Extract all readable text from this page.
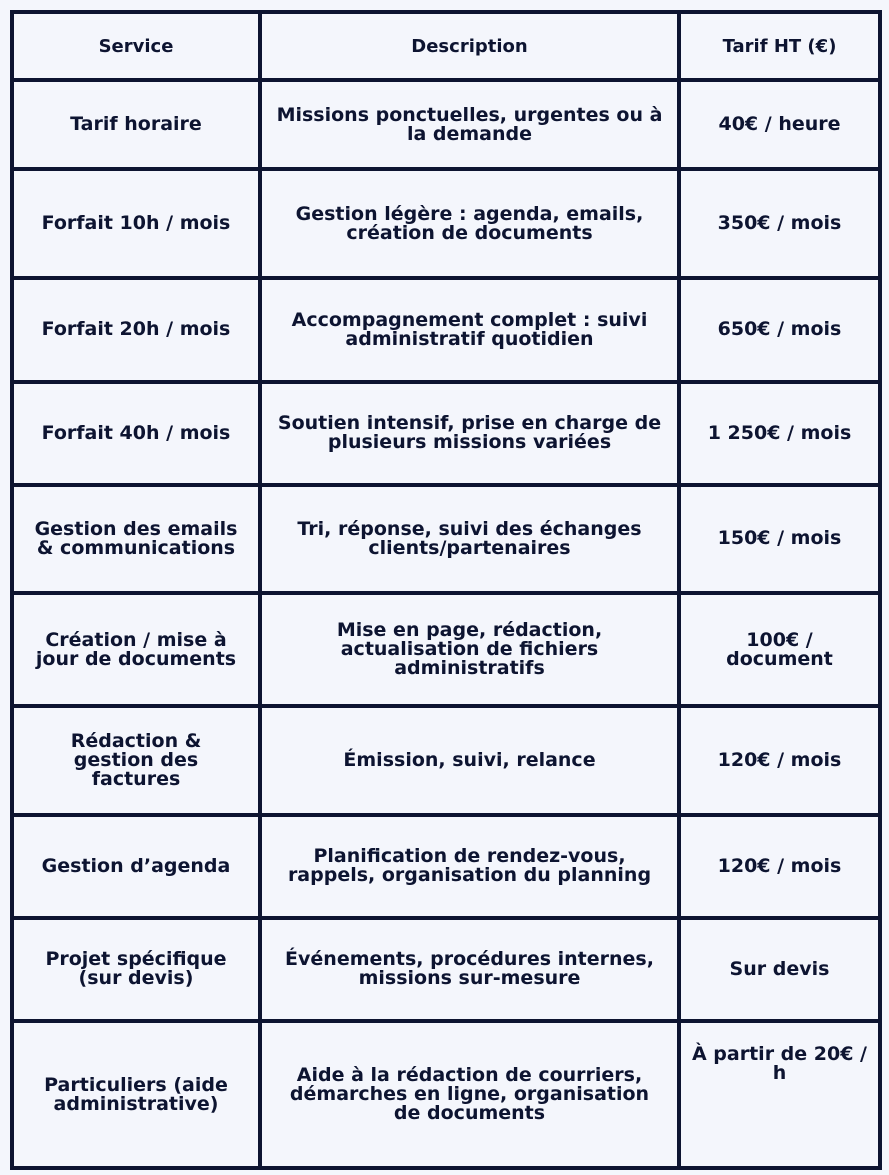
Service	Description	Tarif HT (€)
Tarif horaire	Missions ponctuelles, urgentes ou à la demande	40€ / heure
Forfait 10h / mois	Gestion légère : agenda, emails, création de documents	350€ / mois
Forfait 20h / mois	Accompagnement complet : suivi administratif quotidien	650€ / mois
Forfait 40h / mois	Soutien intensif, prise en charge de plusieurs missions variées	1 250€ / mois
Gestion des emails & communications	Tri, réponse, suivi des échanges clients/partenaires	150€ / mois
Création / mise à jour de documents	Mise en page, rédaction, actualisation de fichiers administratifs	100€ / document
Rédaction & gestion des factures	Émission, suivi, relance	120€ / mois
Gestion d’agenda	Planification de rendez-vous, rappels, organisation du planning	120€ / mois
Projet spécifique (sur devis)	Événements, procédures internes, missions sur-mesure	Sur devis
Particuliers (aide administrative)	Aide à la rédaction de courriers, démarches en ligne, organisation de documents	À partir de 20€ / h
